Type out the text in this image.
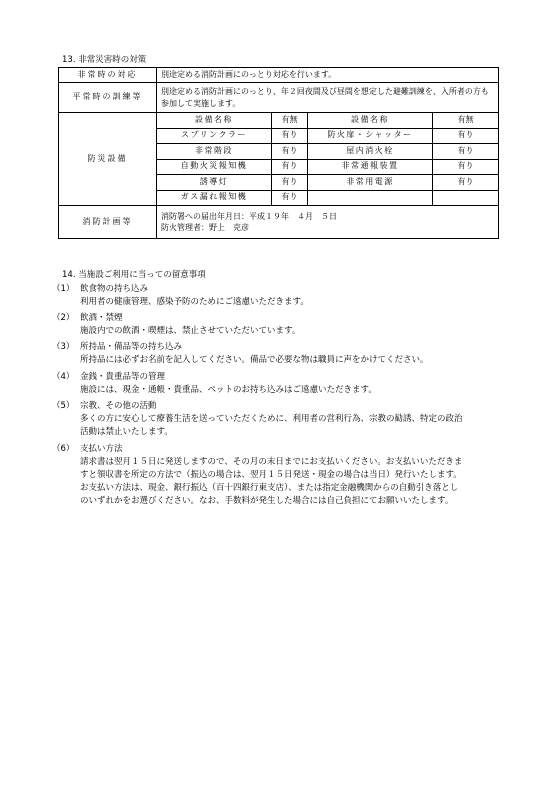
13. 非常災害時の対策
非常時の対応	別途定める消防計画にのっとり対応を行います。			
平常時の訓練等	別途定める消防計画にのっとり、年２回夜間及び昼間を想定した避難訓練を、入所者の方も参加して実施します。			
防災設備	設備名称	有無	設備名称	有無
	スプリンクラー	有り	防火扉・シャッター	有り
	非常階段	有り	屋内消火栓	有り
	自動火災報知機	有り	非常通報装置	有り
	誘導灯	有り	非常用電源	有り
	ガス漏れ報知機	有り		
消防計画等	消防署への届出年月日：平成１９年　４月　５日
防火管理者：野上　克彦			
14. 当施設ご利用に当っての留意事項
（1） 飲食物の持ち込み
利用者の健康管理、感染予防のためにご遠慮いただきます。
（2） 飲酒・禁煙
施設内での飲酒・喫煙は、禁止させていただいています。
（3） 所持品・備品等の持ち込み
所持品には必ずお名前を記入してください。備品で必要な物は職員に声をかけてください。
（4） 金銭・貴重品等の管理
施設には、現金・通帳・貴重品、ペットのお持ち込みはご遠慮いただきます。
（5） 宗教、その他の活動
多くの方に安心して療養生活を送っていただくために、利用者の営利行為、宗教の勧誘、特定の政治
活動は禁止いたします。
（6） 支払い方法
請求書は翌月１５日に発送しますので、その月の末日までにお支払いください。お支払いいただきま
すと領収書を所定の方法で（振込の場合は、翌月１５日発送・現金の場合は当日）発行いたします。
お支払い方法は、現金、銀行振込（百十四銀行東支店）、または指定金融機関からの自動引き落とし
のいずれかをお選びください。なお、手数料が発生した場合には自己負担にてお願いいたします。
